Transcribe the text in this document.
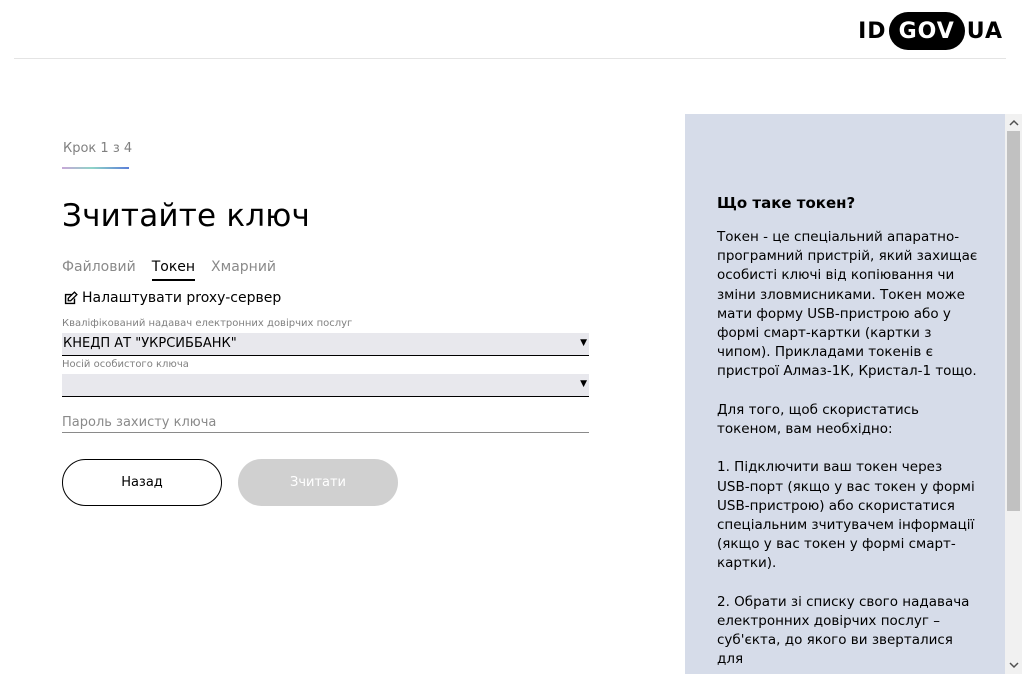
ID GOV UA
Крок 1 з 4
Зчитайте ключ
Файловий Токен Хмарний
Налаштувати proxy-сервер
Кваліфікований надавач електронних довірчих послуг
КНЕДП АТ "УКРСИББАНК"	▼
Носій особистого ключа
▼
Пароль захисту ключа
Назад	Зчитати
Що таке токен?
Токен - це спеціальний апаратно-програмний пристрій, який захищає особисті ключі від копіювання чи зміни зловмисниками. Токен може мати форму USB-пристрою або у формі смарт-картки (картки з чипом). Прикладами токенів є пристрої Алмаз-1К, Кристал-1 тощо.

Для того, щоб скористатись токеном, вам необхідно:

1. Підключити ваш токен через USB-порт (якщо у вас токен у формі USB-пристрою) або скористатися спеціальним зчитувачем інформації (якщо у вас токен у формі смарт-картки).

2. Обрати зі списку свого надавача електронних довірчих послуг – суб'єкта, до якого ви зверталися для
